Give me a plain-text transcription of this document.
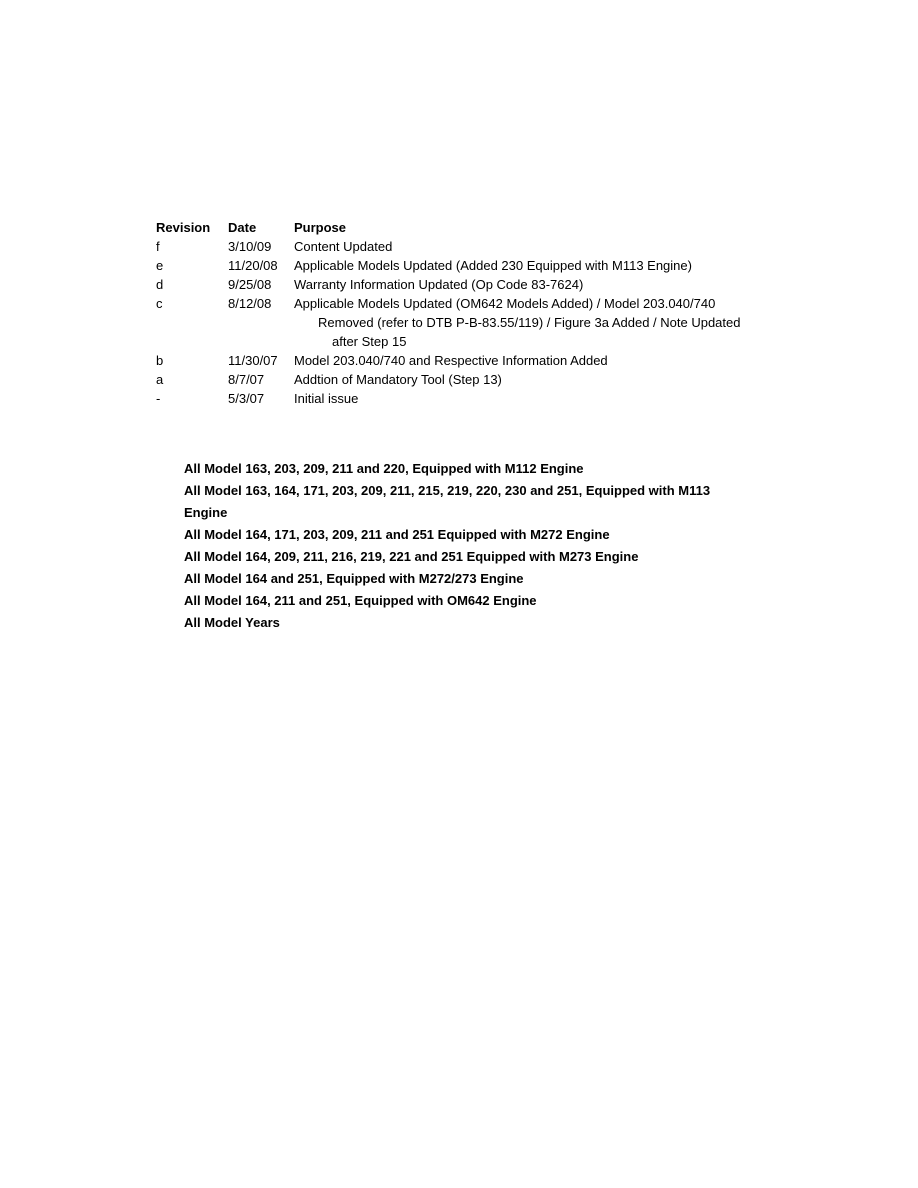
Revision	Date	Purpose
f	3/10/09	Content Updated
e	11/20/08	Applicable Models Updated (Added 230 Equipped with M113 Engine)
d	9/25/08	Warranty Information Updated (Op Code 83-7624)
c	8/12/08	Applicable Models Updated (OM642 Models Added) / Model 203.040/740
Removed (refer to DTB P-B-83.55/119) / Figure 3a Added / Note Updated
after Step 15
b	11/30/07	Model 203.040/740 and Respective Information Added
a	8/7/07	Addtion of Mandatory Tool (Step 13)
-	5/3/07	Initial issue
All Model 163, 203, 209, 211 and 220, Equipped with M112 Engine
All Model 163, 164, 171, 203, 209, 211, 215, 219, 220, 230 and 251, Equipped with M113
Engine
All Model 164, 171, 203, 209, 211 and 251 Equipped with M272 Engine
All Model 164, 209, 211, 216, 219, 221 and 251 Equipped with M273 Engine
All Model 164 and 251, Equipped with M272/273 Engine
All Model 164, 211 and 251, Equipped with OM642 Engine
All Model Years
